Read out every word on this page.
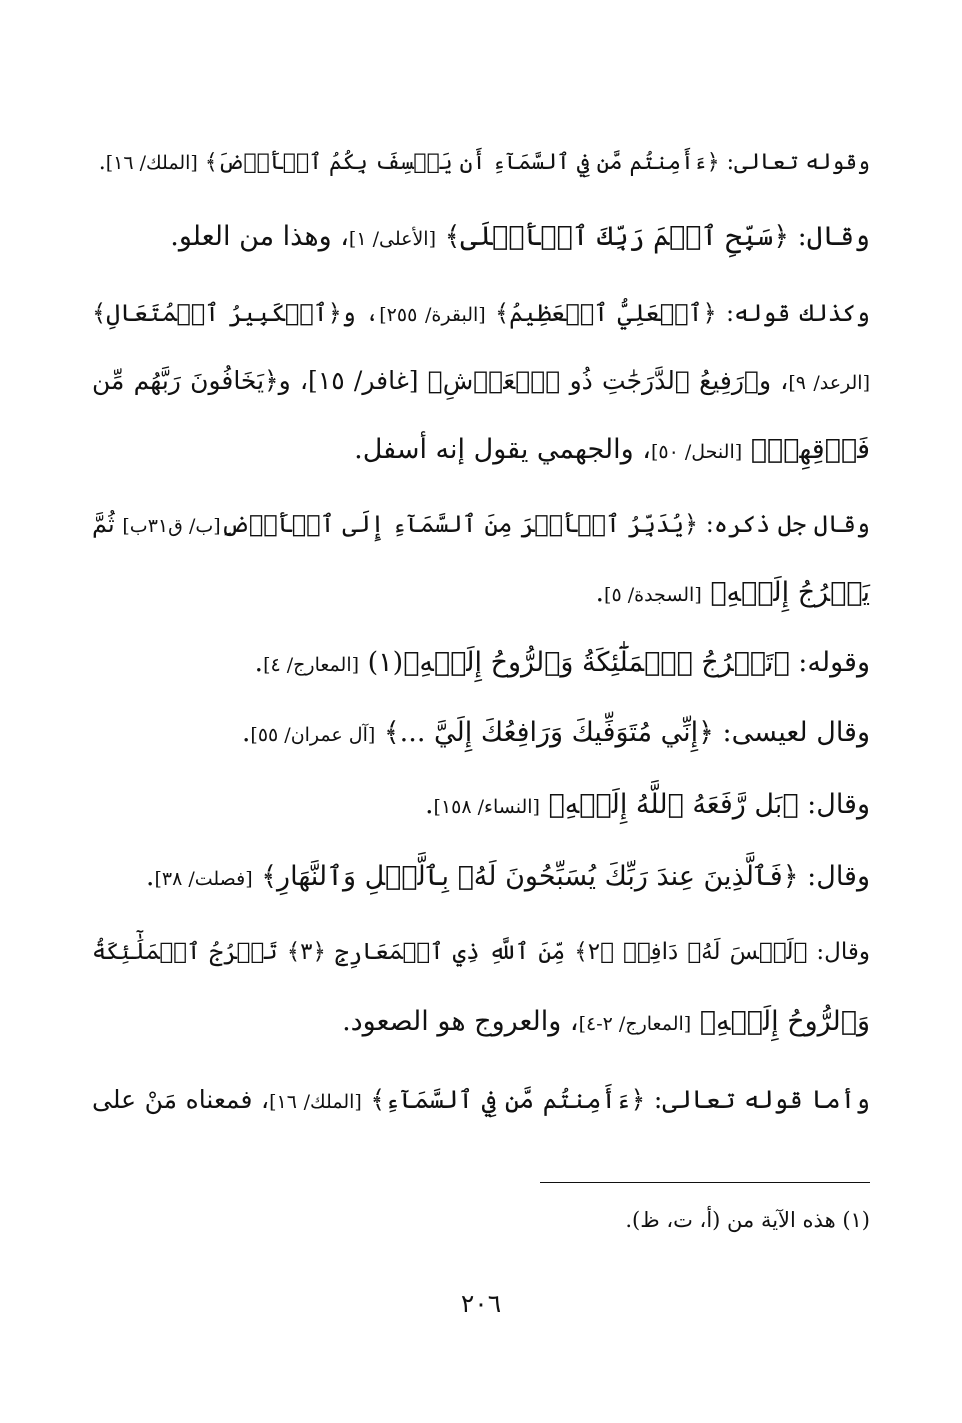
وقوله تعالى: ﴿ءَأَمِنتُم مَّن فِي ٱلسَّمَآءِ أَن يَخۡسِفَ بِكُمُ ٱلۡأَرۡضَ﴾ [الملك/ ١٦].
وقال: ﴿سَبِّحِ ٱسۡمَ رَبِّكَ ٱلۡأَعۡلَى﴾ [الأعلى/ ١]، وهذا من العلو.
وكذلك قوله: ﴿ٱلۡعَلِيُّ ٱلۡعَظِيمُ﴾ [البقرة/ ٢٥٥]، و﴿ٱلۡكَبِيرُ ٱلۡمُتَعَالِ﴾
[الرعد/ ٩]، و﴿رَفِيعُ ٱلدَّرَجَٰتِ ذُو ٱلۡعَرۡشِ﴾ [غافر/ ١٥]، و﴿يَخَافُونَ رَبَّهُم مِّن
فَوۡقِهِمۡ﴾ [النحل/ ٥٠]، والجهمي يقول إنه أسفل.
وقال جل ذكره: ﴿يُدَبِّرُ ٱلۡأَمۡرَ مِنَ ٱلسَّمَآءِ إِلَى ٱلۡأَرۡضِ[ب/ ق٣١ب] ثُمَّ
يَعۡرُجُ إِلَيۡهِ﴾ [السجدة/ ٥].
وقوله: ﴿تَعۡرُجُ ٱلۡمَلَٰٓئِكَةُ وَٱلرُّوحُ إِلَيۡهِ﴾(١) [المعارج/ ٤].
وقال لعيسى: ﴿إِنِّي مُتَوَفِّيكَ وَرَافِعُكَ إِلَيَّ ...﴾ [آل عمران/ ٥٥].
وقال: ﴿بَل رَّفَعَهُ ٱللَّهُ إِلَيۡهِ﴾ [النساء/ ١٥٨].
وقال: ﴿فَٱلَّذِينَ عِندَ رَبِّكَ يُسَبِّحُونَ لَهُۥ بِٱلَّيۡلِ وَٱلنَّهَارِ﴾ [فصلت/ ٣٨].
وقال: ﴿لَيۡسَ لَهُۥ دَافِعٞ ﴿٢﴾ مِّنَ ٱللَّهِ ذِي ٱلۡمَعَارِجِ ﴿٣﴾ تَعۡرُجُ ٱلۡمَلَٰٓئِكَةُ
وَٱلرُّوحُ إِلَيۡهِ﴾ [المعارج/ ٢-٤]، والعروج هو الصعود.
وأما قوله تعالى: ﴿ءَأَمِنتُم مَّن فِي ٱلسَّمَآءِ﴾ [الملك/ ١٦]، فمعناه مَنْ على
(١) هذه الآية من (أ، ت، ظ).
٢٠٦
